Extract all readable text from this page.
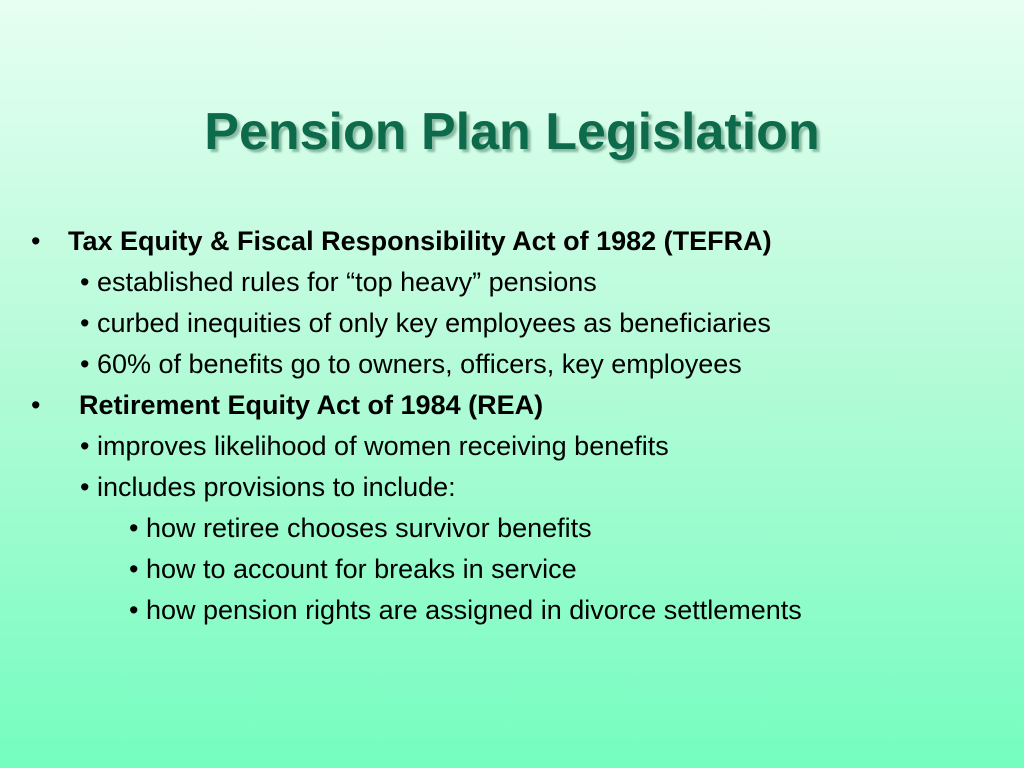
Pension Plan Legislation
• Tax Equity & Fiscal Responsibility Act of 1982 (TEFRA)
• established rules for “top heavy” pensions
• curbed inequities of only key employees as beneficiaries
• 60% of benefits go to owners, officers, key employees
• Retirement Equity Act of 1984 (REA)
• improves likelihood of women receiving benefits
• includes provisions to include:
• how retiree chooses survivor benefits
• how to account for breaks in service
• how pension rights are assigned in divorce settlements
